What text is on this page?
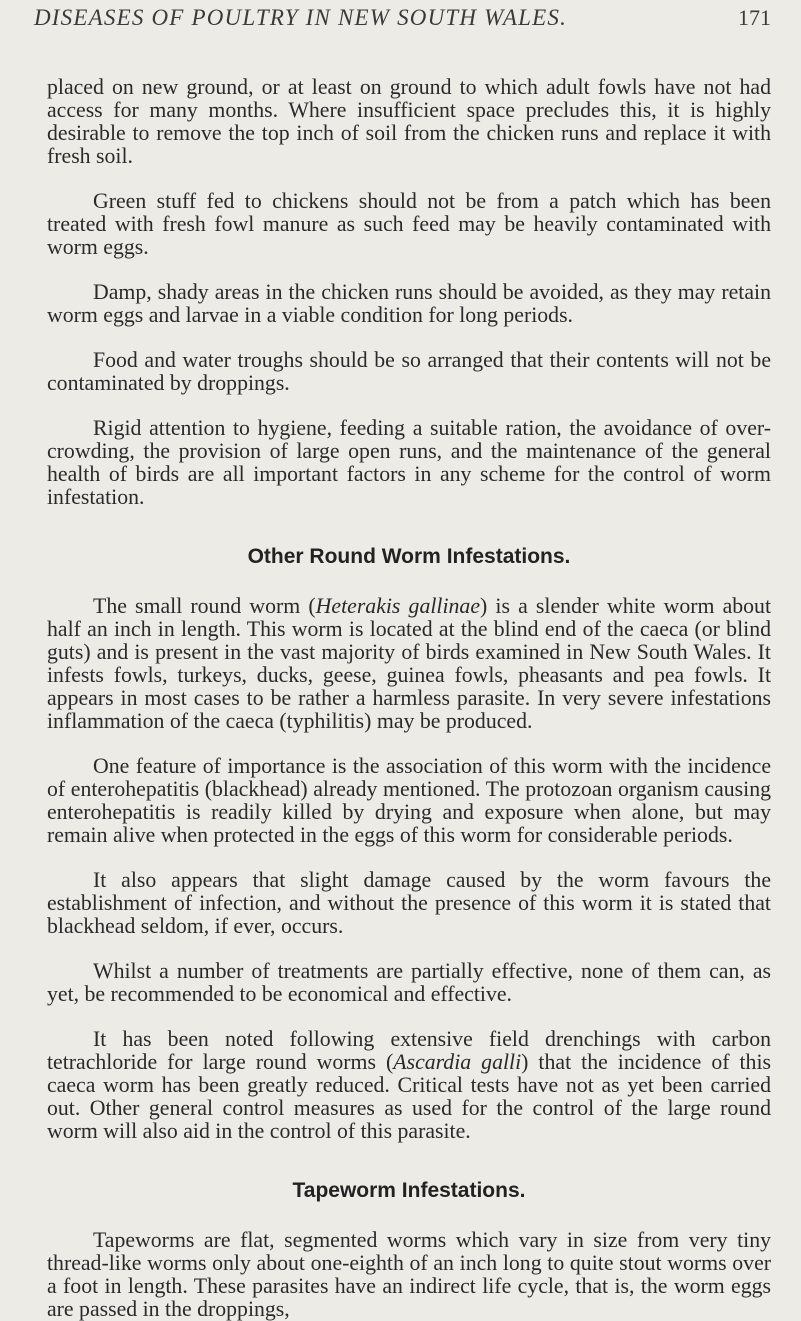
DISEASES OF POULTRY IN NEW SOUTH WALES.	171

placed on new ground, or at least on ground to which adult fowls have not had access for many months. Where insufficient space precludes this, it is highly desirable to remove the top inch of soil from the chicken runs and replace it with fresh soil.

Green stuff fed to chickens should not be from a patch which has been treated with fresh fowl manure as such feed may be heavily contaminated with worm eggs.

Damp, shady areas in the chicken runs should be avoided, as they may retain worm eggs and larvae in a viable condition for long periods.

Food and water troughs should be so arranged that their contents will not be contaminated by droppings.

Rigid attention to hygiene, feeding a suitable ration, the avoidance of over-crowding, the provision of large open runs, and the maintenance of the general health of birds are all important factors in any scheme for the control of worm infestation.

Other Round Worm Infestations.

The small round worm (Heterakis gallinae) is a slender white worm about half an inch in length. This worm is located at the blind end of the caeca (or blind guts) and is present in the vast majority of birds examined in New South Wales. It infests fowls, turkeys, ducks, geese, guinea fowls, pheasants and pea fowls. It appears in most cases to be rather a harmless parasite. In very severe infestations inflammation of the caeca (typhilitis) may be produced.

One feature of importance is the association of this worm with the incidence of enterohepatitis (blackhead) already mentioned. The protozoan organism causing enterohepatitis is readily killed by drying and exposure when alone, but may remain alive when protected in the eggs of this worm for considerable periods.

It also appears that slight damage caused by the worm favours the establishment of infection, and without the presence of this worm it is stated that blackhead seldom, if ever, occurs.

Whilst a number of treatments are partially effective, none of them can, as yet, be recommended to be economical and effective.

It has been noted following extensive field drenchings with carbon tetrachloride for large round worms (Ascardia galli) that the incidence of this caeca worm has been greatly reduced. Critical tests have not as yet been carried out. Other general control measures as used for the control of the large round worm will also aid in the control of this parasite.

Tapeworm Infestations.

Tapeworms are flat, segmented worms which vary in size from very tiny thread-like worms only about one-eighth of an inch long to quite stout worms over a foot in length. These parasites have an indirect life cycle, that is, the worm eggs are passed in the droppings,
